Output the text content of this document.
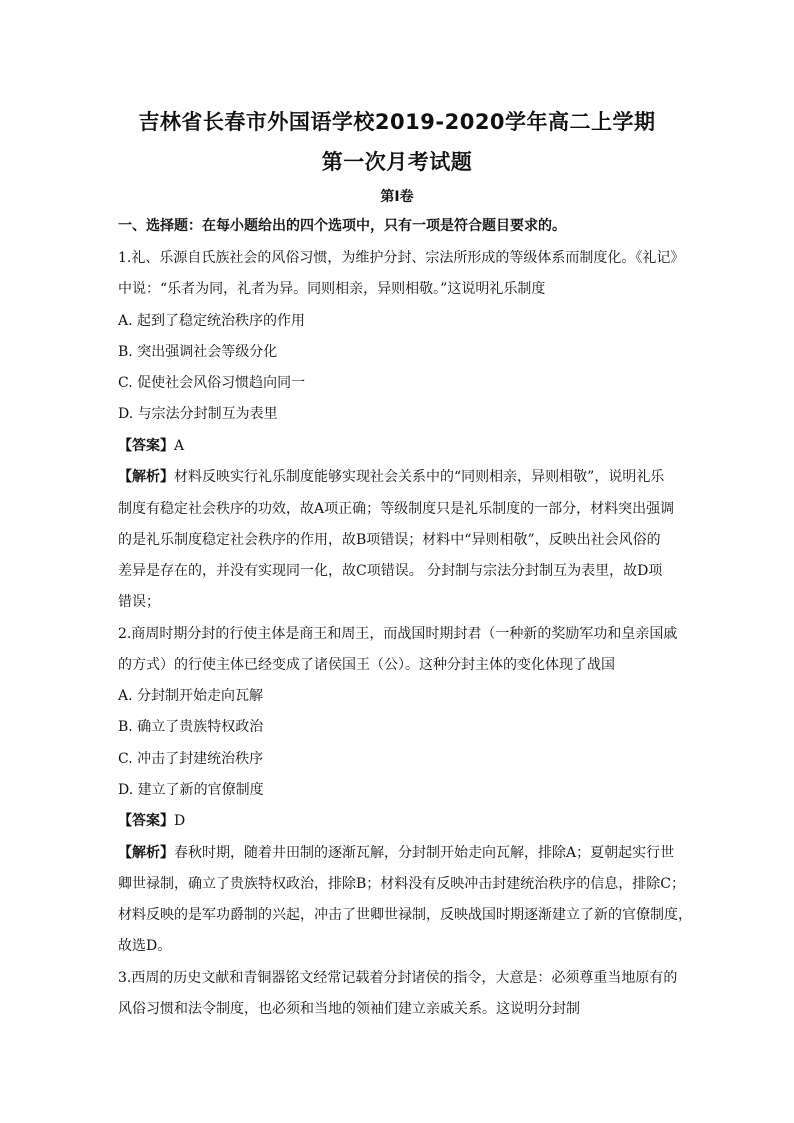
吉林省长春市外国语学校2019-2020学年高二上学期
第一次月考试题
第Ⅰ卷
一、选择题：在每小题给出的四个选项中，只有一项是符合题目要求的。
1.礼、乐源自氏族社会的风俗习惯，为维护分封、宗法所形成的等级体系而制度化。《礼记》
中说：“乐者为同，礼者为异。同则相亲，异则相敬。”这说明礼乐制度
A. 起到了稳定统治秩序的作用
B. 突出强调社会等级分化
C. 促使社会风俗习惯趋向同一
D. 与宗法分封制互为表里
【答案】A
【解析】材料反映实行礼乐制度能够实现社会关系中的“同则相亲，异则相敬”，说明礼乐
制度有稳定社会秩序的功效，故A项正确；等级制度只是礼乐制度的一部分，材料突出强调
的是礼乐制度稳定社会秩序的作用，故B项错误；材料中“异则相敬”，反映出社会风俗的
差异是存在的，并没有实现同一化，故C项错误。 分封制与宗法分封制互为表里，故D项
错误；
2.商周时期分封的行使主体是商王和周王，而战国时期封君（一种新的奖励军功和皇亲国戚
的方式）的行使主体已经变成了诸侯国王（公）。这种分封主体的变化体现了战国
A. 分封制开始走向瓦解
B. 确立了贵族特权政治
C. 冲击了封建统治秩序
D. 建立了新的官僚制度
【答案】D
【解析】春秋时期，随着井田制的逐渐瓦解，分封制开始走向瓦解，排除A；夏朝起实行世
卿世禄制，确立了贵族特权政治，排除B；材料没有反映冲击封建统治秩序的信息，排除C；
材料反映的是军功爵制的兴起，冲击了世卿世禄制，反映战国时期逐渐建立了新的官僚制度，
故选D。
3.西周的历史文献和青铜器铭文经常记载着分封诸侯的指令，大意是：必须尊重当地原有的
风俗习惯和法令制度，也必须和当地的领袖们建立亲戚关系。这说明分封制
